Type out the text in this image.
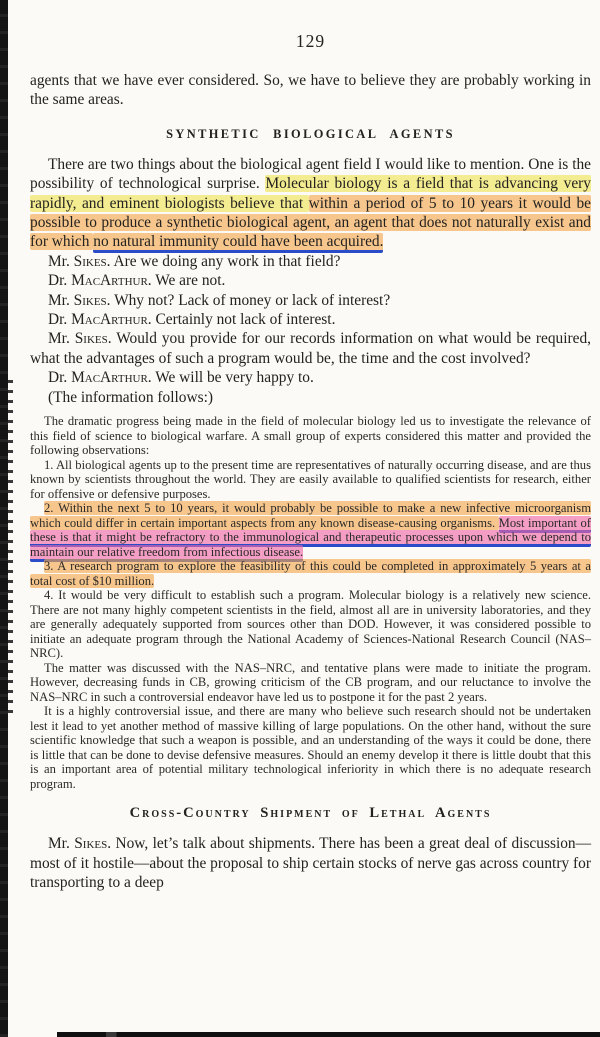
129

agents that we have ever considered. So, we have to believe they are probably working in the same areas.

SYNTHETIC BIOLOGICAL AGENTS

There are two things about the biological agent field I would like to mention. One is the possibility of technological surprise. Molecular biology is a field that is advancing very rapidly, and eminent biologists believe that within a period of 5 to 10 years it would be possible to produce a synthetic biological agent, an agent that does not naturally exist and for which no natural immunity could have been acquired.

Mr. Sikes. Are we doing any work in that field?

Dr. MacArthur. We are not.

Mr. Sikes. Why not? Lack of money or lack of interest?

Dr. MacArthur. Certainly not lack of interest.

Mr. Sikes. Would you provide for our records information on what would be required, what the advantages of such a program would be, the time and the cost involved?

Dr. MacArthur. We will be very happy to.

(The information follows:)

The dramatic progress being made in the field of molecular biology led us to investigate the relevance of this field of science to biological warfare. A small group of experts considered this matter and provided the following observations:

1. All biological agents up to the present time are representatives of naturally occurring disease, and are thus known by scientists throughout the world. They are easily available to qualified scientists for research, either for offensive or defensive purposes.

2. Within the next 5 to 10 years, it would probably be possible to make a new infective microorganism which could differ in certain important aspects from any known disease-causing organisms. Most important of these is that it might be refractory to the immunological and therapeutic processes upon which we depend to maintain our relative freedom from infectious disease.

3. A research program to explore the feasibility of this could be completed in approximately 5 years at a total cost of $10 million.

4. It would be very difficult to establish such a program. Molecular biology is a relatively new science. There are not many highly competent scientists in the field, almost all are in university laboratories, and they are generally adequately supported from sources other than DOD. However, it was considered possible to initiate an adequate program through the National Academy of Sciences-National Research Council (NAS–NRC).

The matter was discussed with the NAS–NRC, and tentative plans were made to initiate the program. However, decreasing funds in CB, growing criticism of the CB program, and our reluctance to involve the NAS–NRC in such a controversial endeavor have led us to postpone it for the past 2 years.

It is a highly controversial issue, and there are many who believe such research should not be undertaken lest it lead to yet another method of massive killing of large populations. On the other hand, without the sure scientific knowledge that such a weapon is possible, and an understanding of the ways it could be done, there is little that can be done to devise defensive measures. Should an enemy develop it there is little doubt that this is an important area of potential military technological inferiority in which there is no adequate research program.

Cross-Country Shipment of Lethal Agents

Mr. Sikes. Now, let’s talk about shipments. There has been a great deal of discussion—most of it hostile—about the proposal to ship certain stocks of nerve gas across country for transporting to a deep
